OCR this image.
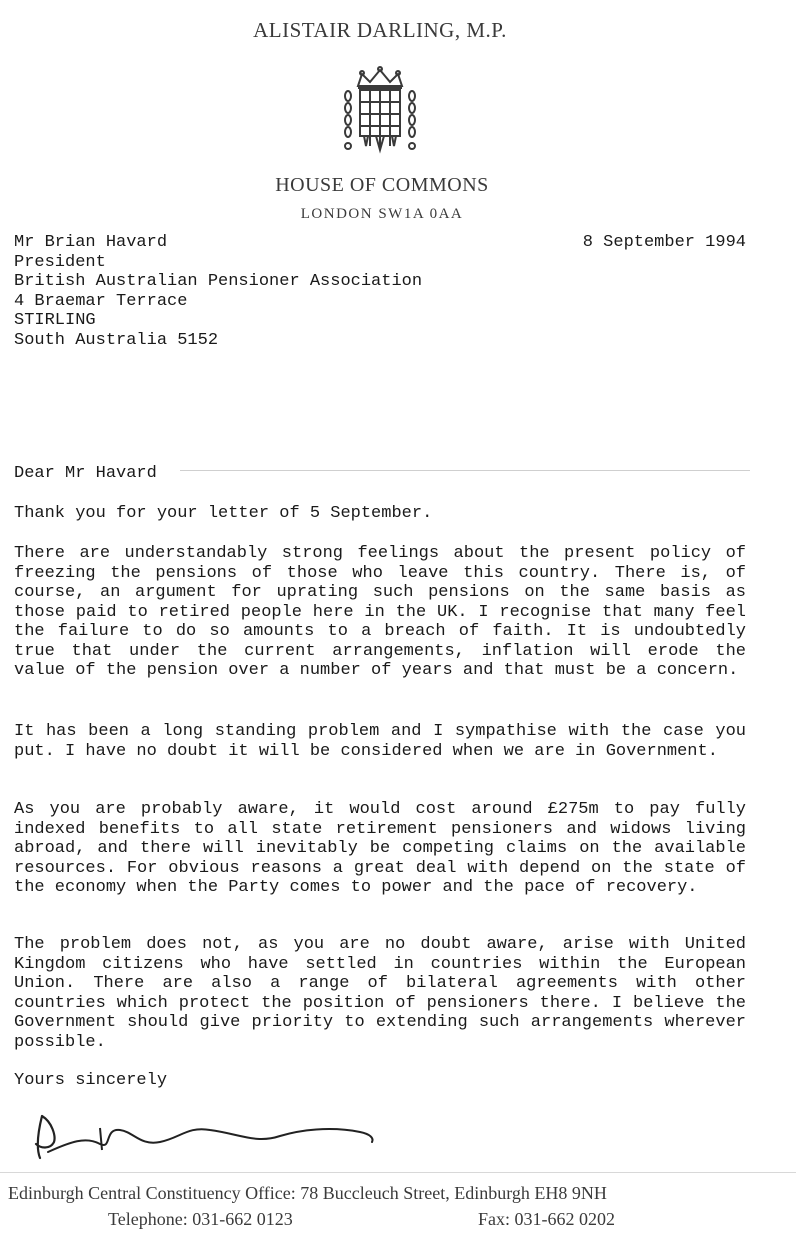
ALISTAIR DARLING, M.P.
HOUSE OF COMMONS
LONDON SW1A 0AA
Mr Brian Havard
President
British Australian Pensioner Association
4 Braemar Terrace
STIRLING
South Australia 5152
8 September 1994
Dear Mr Havard
Thank you for your letter of 5 September.
There are understandably strong feelings about the present policy of freezing the pensions of those who leave this country. There is, of course, an argument for uprating such pensions on the same basis as those paid to retired people here in the UK. I recognise that many feel the failure to do so amounts to a breach of faith. It is undoubtedly true that under the current arrangements, inflation will erode the value of the pension over a number of years and that must be a concern.
It has been a long standing problem and I sympathise with the case you put. I have no doubt it will be considered when we are in Government.
As you are probably aware, it would cost around £275m to pay fully indexed benefits to all state retirement pensioners and widows living abroad, and there will inevitably be competing claims on the available resources. For obvious reasons a great deal with depend on the state of the economy when the Party comes to power and the pace of recovery.
The problem does not, as you are no doubt aware, arise with United Kingdom citizens who have settled in countries within the European Union. There are also a range of bilateral agreements with other countries which protect the position of pensioners there. I believe the Government should give priority to extending such arrangements wherever possible.
Yours sincerely
Edinburgh Central Constituency Office: 78 Buccleuch Street, Edinburgh EH8 9NH
Telephone: 031-662 0123	Fax: 031-662 0202
